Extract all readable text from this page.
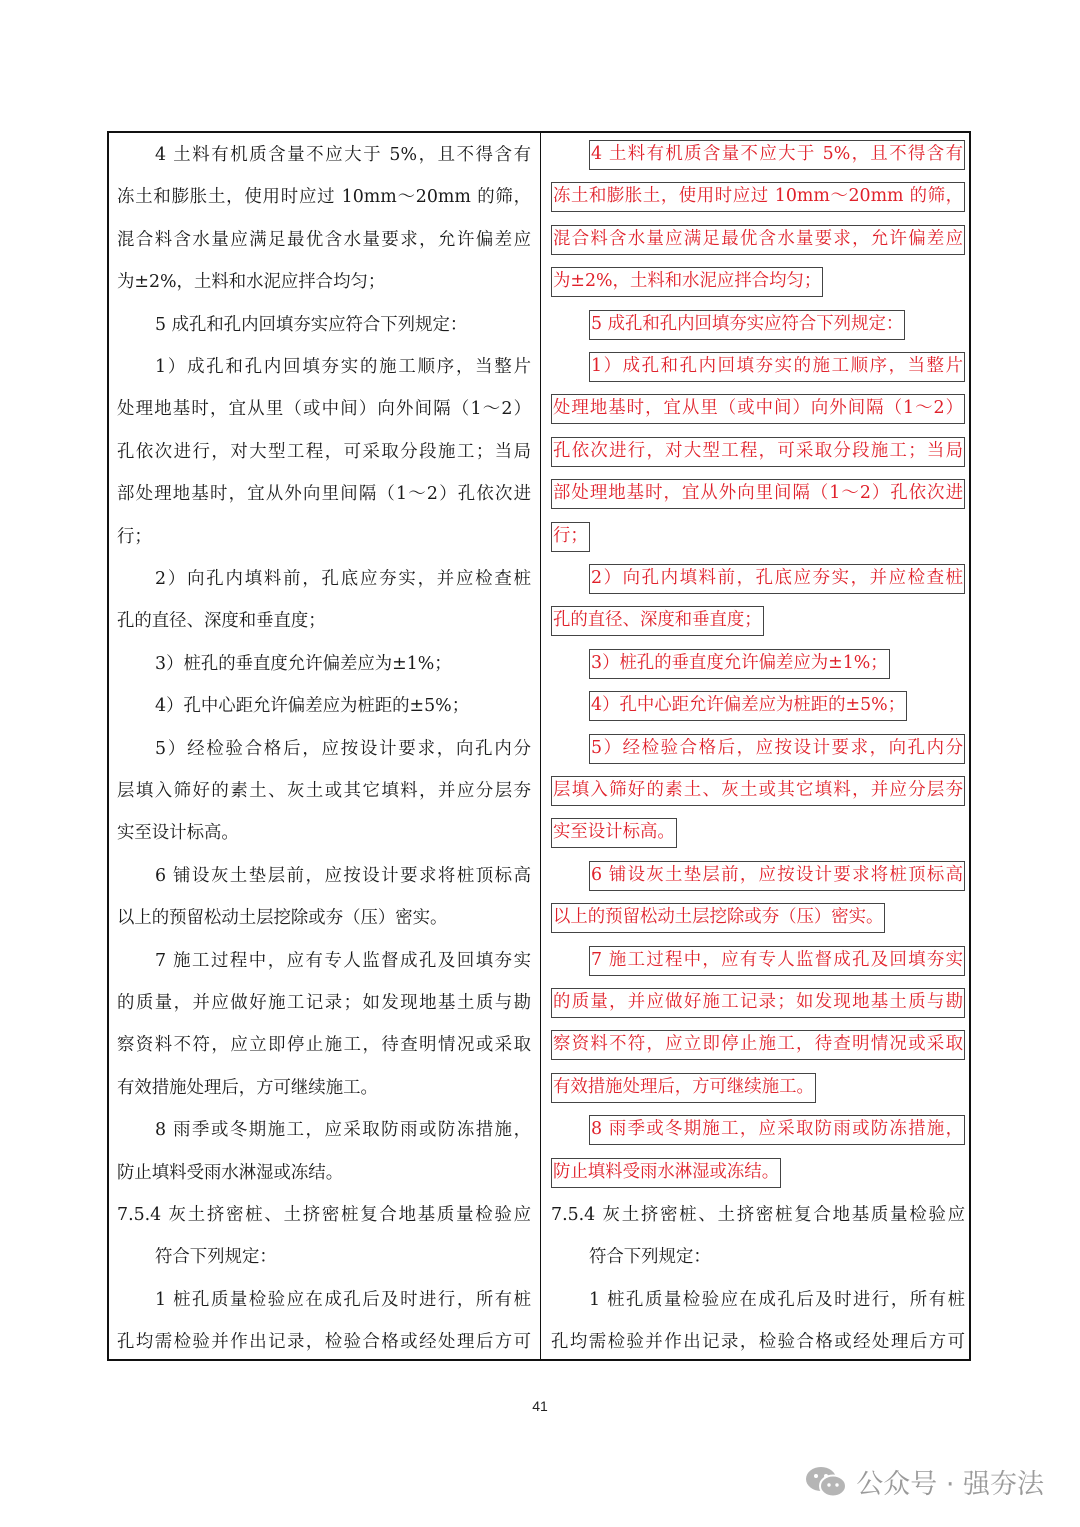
4 土料有机质含量不应大于 5%，且不得含有
冻土和膨胀土，使用时应过 10mm～20mm 的筛，
混合料含水量应满足最优含水量要求，允许偏差应
为±2%，土料和水泥应拌合均匀；
5 成孔和孔内回填夯实应符合下列规定：
1）成孔和孔内回填夯实的施工顺序，当整片
处理地基时，宜从里（或中间）向外间隔（1～2）
孔依次进行，对大型工程，可采取分段施工；当局
部处理地基时，宜从外向里间隔（1～2）孔依次进
行；
2）向孔内填料前，孔底应夯实，并应检查桩
孔的直径、深度和垂直度；
3）桩孔的垂直度允许偏差应为±1%；
4）孔中心距允许偏差应为桩距的±5%；
5）经检验合格后，应按设计要求，向孔内分
层填入筛好的素土、灰土或其它填料，并应分层夯
实至设计标高。
6 铺设灰土垫层前，应按设计要求将桩顶标高
以上的预留松动土层挖除或夯（压）密实。
7 施工过程中，应有专人监督成孔及回填夯实
的质量，并应做好施工记录；如发现地基土质与勘
察资料不符，应立即停止施工，待查明情况或采取
有效措施处理后，方可继续施工。
8 雨季或冬期施工，应采取防雨或防冻措施，
防止填料受雨水淋湿或冻结。
7.5.4 灰土挤密桩、土挤密桩复合地基质量检验应
符合下列规定：
1 桩孔质量检验应在成孔后及时进行，所有桩
孔均需检验并作出记录，检验合格或经处理后方可
4 土料有机质含量不应大于 5%，且不得含有
冻土和膨胀土，使用时应过 10mm～20mm 的筛，
混合料含水量应满足最优含水量要求，允许偏差应
为±2%，土料和水泥应拌合均匀；
5 成孔和孔内回填夯实应符合下列规定：
1）成孔和孔内回填夯实的施工顺序，当整片
处理地基时，宜从里（或中间）向外间隔（1～2）
孔依次进行，对大型工程，可采取分段施工；当局
部处理地基时，宜从外向里间隔（1～2）孔依次进
行；
2）向孔内填料前，孔底应夯实，并应检查桩
孔的直径、深度和垂直度；
3）桩孔的垂直度允许偏差应为±1%；
4）孔中心距允许偏差应为桩距的±5%；
5）经检验合格后，应按设计要求，向孔内分
层填入筛好的素土、灰土或其它填料，并应分层夯
实至设计标高。
6 铺设灰土垫层前，应按设计要求将桩顶标高
以上的预留松动土层挖除或夯（压）密实。
7 施工过程中，应有专人监督成孔及回填夯实
的质量，并应做好施工记录；如发现地基土质与勘
察资料不符，应立即停止施工，待查明情况或采取
有效措施处理后，方可继续施工。
8 雨季或冬期施工，应采取防雨或防冻措施，
防止填料受雨水淋湿或冻结。
7.5.4 灰土挤密桩、土挤密桩复合地基质量检验应
符合下列规定：
1 桩孔质量检验应在成孔后及时进行，所有桩
孔均需检验并作出记录，检验合格或经处理后方可
41
公众号 · 强夯法
